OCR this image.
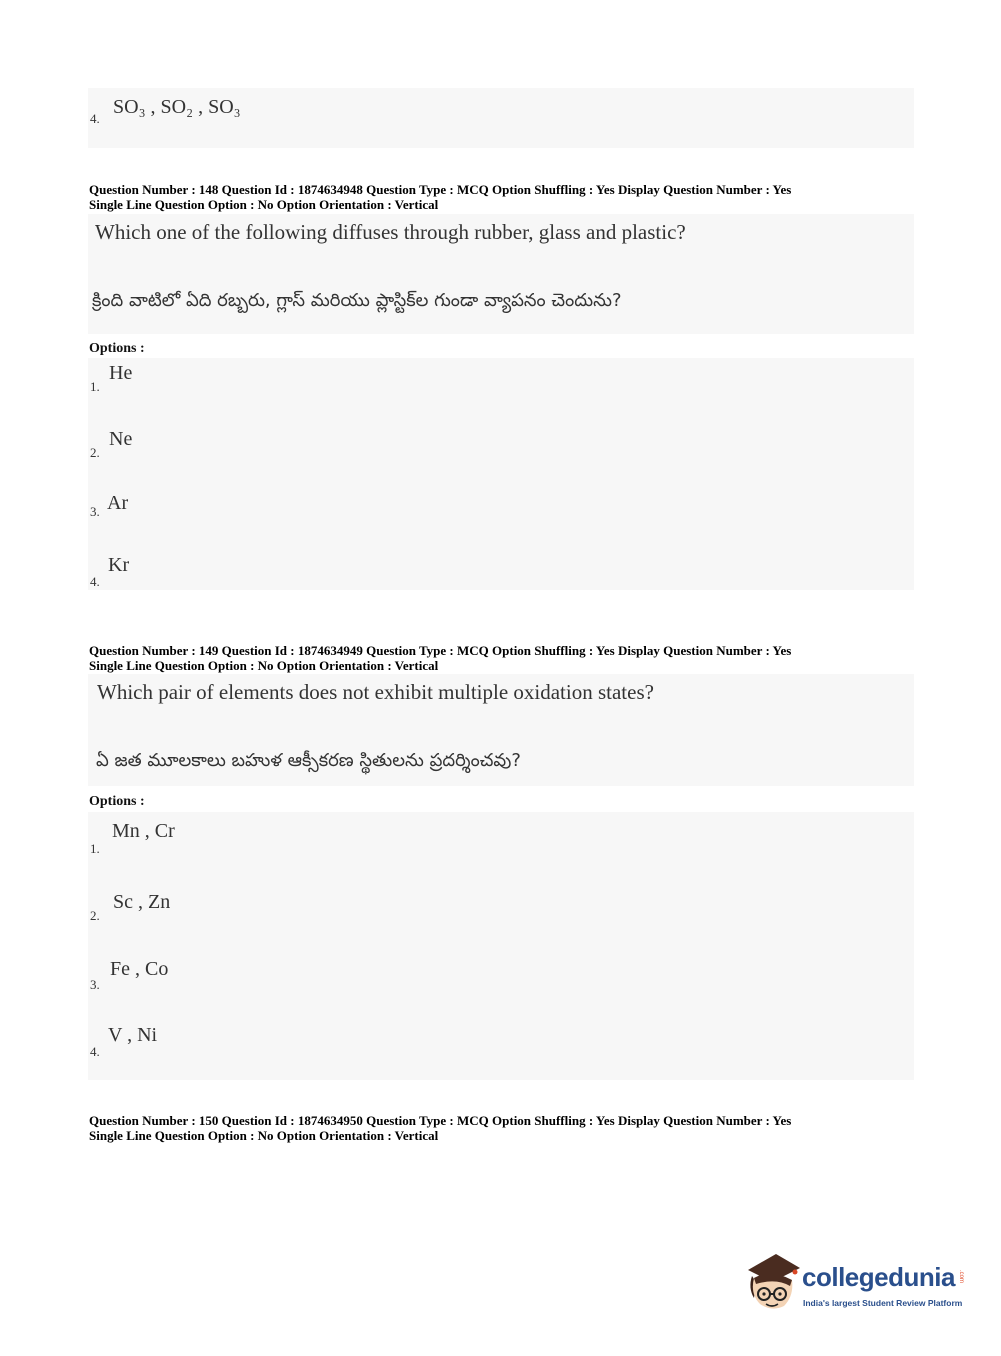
4.
SO₃ , SO₂ , SO₃
Question Number : 148 Question Id : 1874634948 Question Type : MCQ Option Shuffling : Yes Display Question Number : Yes
Single Line Question Option : No Option Orientation : Vertical
Which one of the following diffuses through rubber, glass and plastic?
క్రింది వాటిలో ఏది రబ్బరు, గ్లాస్ మరియు ప్లాస్టిక్‌ల గుండా వ్యాపనం చెందును?
Options :
1.
He
2.
Ne
3. Ar
4.
Kr
Question Number : 149 Question Id : 1874634949 Question Type : MCQ Option Shuffling : Yes Display Question Number : Yes
Single Line Question Option : No Option Orientation : Vertical
Which pair of elements does not exhibit multiple oxidation states?
ఏ జత మూలకాలు బహుళ ఆక్సీకరణ స్థితులను ప్రదర్శించవు?
Options :
1.
Mn , Cr
2.
Sc , Zn
3.
Fe , Co
4.
V , Ni
Question Number : 150 Question Id : 1874634950 Question Type : MCQ Option Shuffling : Yes Display Question Number : Yes
Single Line Question Option : No Option Orientation : Vertical
collegedunia .com
India's largest Student Review Platform
